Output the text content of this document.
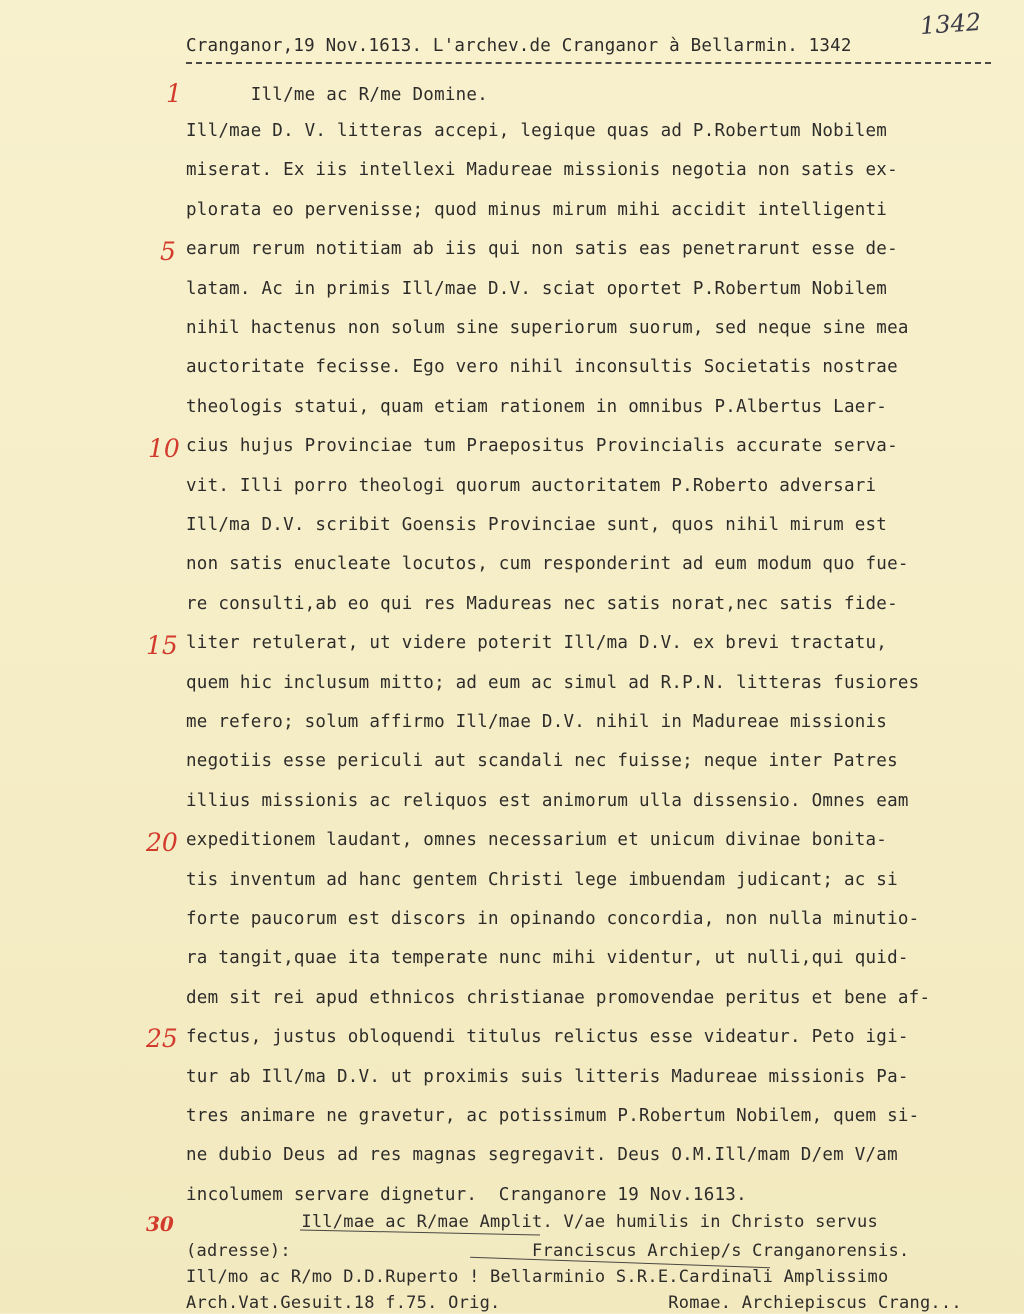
1342
Cranganor,19 Nov.1613. L'archev.de Cranganor à Bellarmin. 1342
1
5
10
15
20
25
30
Ill/me ac R/me Domine.
Ill/mae D. V. litteras accepi, legique quas ad P.Robertum Nobilem
miserat. Ex iis intellexi Madureae missionis negotia non satis ex-
plorata eo pervenisse; quod minus mirum mihi accidit intelligenti
earum rerum notitiam ab iis qui non satis eas penetrarunt esse de-
latam. Ac in primis Ill/mae D.V. sciat oportet P.Robertum Nobilem
nihil hactenus non solum sine superiorum suorum, sed neque sine mea
auctoritate fecisse. Ego vero nihil inconsultis Societatis nostrae
theologis statui, quam etiam rationem in omnibus P.Albertus Laer-
cius hujus Provinciae tum Praepositus Provincialis accurate serva-
vit. Illi porro theologi quorum auctoritatem P.Roberto adversari
Ill/ma D.V. scribit Goensis Provinciae sunt, quos nihil mirum est
non satis enucleate locutos, cum responderint ad eum modum quo fue-
re consulti,ab eo qui res Madureas nec satis norat,nec satis fide-
liter retulerat, ut videre poterit Ill/ma D.V. ex brevi tractatu,
quem hic inclusum mitto; ad eum ac simul ad R.P.N. litteras fusiores
me refero; solum affirmo Ill/mae D.V. nihil in Madureae missionis
negotiis esse periculi aut scandali nec fuisse; neque inter Patres
illius missionis ac reliquos est animorum ulla dissensio. Omnes eam
expeditionem laudant, omnes necessarium et unicum divinae bonita-
tis inventum ad hanc gentem Christi lege imbuendam judicant; ac si
forte paucorum est discors in opinando concordia, non nulla minutio-
ra tangit,quae ita temperate nunc mihi videntur, ut nulli,qui quid-
dem sit rei apud ethnicos christianae promovendae peritus et bene af-
fectus, justus obloquendi titulus relictus esse videatur. Peto igi-
tur ab Ill/ma D.V. ut proximis suis litteris Madureae missionis Pa-
tres animare ne gravetur, ac potissimum P.Robertum Nobilem, quem si-
ne dubio Deus ad res magnas segregavit. Deus O.M.Ill/mam D/em V/am
incolumem servare dignetur.  Cranganore 19 Nov.1613.
Ill/mae ac R/mae Amplit. V/ae humilis in Christo servus
(adresse):                       Franciscus Archiep/s Cranganorensis.
Ill/mo ac R/mo D.D.Ruperto ! Bellarminio S.R.E.Cardinali Amplissimo
Arch.Vat.Gesuit.18 f.75. Orig.                Romae. Archiepiscus Crang...
